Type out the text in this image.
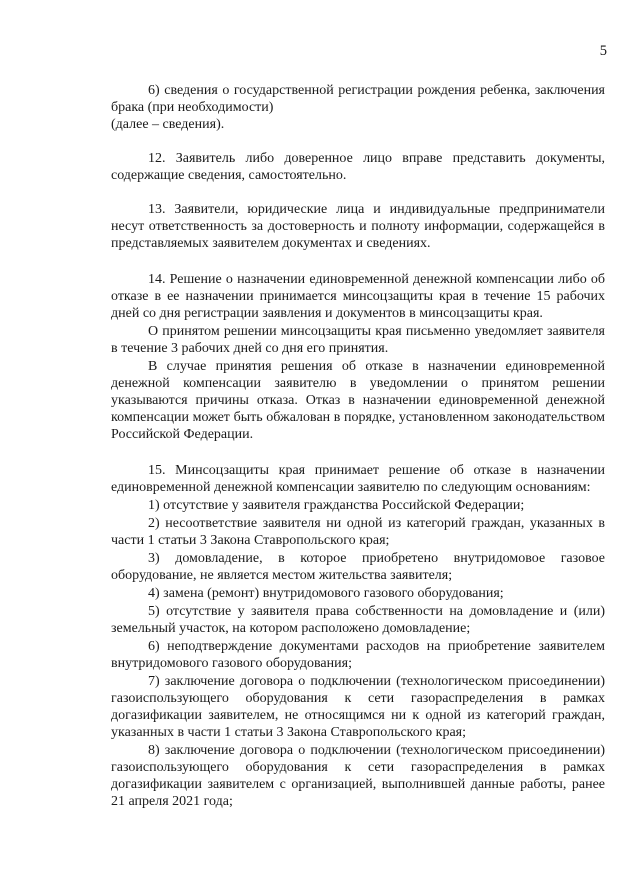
5

6) сведения о государственной регистрации рождения ребенка, заключения брака (при необходимости)

(далее – сведения).

12. Заявитель либо доверенное лицо вправе представить документы, содержащие сведения, самостоятельно.

13. Заявители, юридические лица и индивидуальные предприниматели несут ответственность за достоверность и полноту информации, содержащейся в представляемых заявителем документах и сведениях.

14. Решение о назначении единовременной денежной компенсации либо об отказе в ее назначении принимается минсоцзащиты края в течение 15 рабочих дней со дня регистрации заявления и документов в минсоцзащиты края.

О принятом решении минсоцзащиты края письменно уведомляет заявителя в течение 3 рабочих дней со дня его принятия.

В случае принятия решения об отказе в назначении единовременной денежной компенсации заявителю в уведомлении о принятом решении указываются причины отказа. Отказ в назначении единовременной денежной компенсации может быть обжалован в порядке, установленном законодательством Российской Федерации.

15. Минсоцзащиты края принимает решение об отказе в назначении единовременной денежной компенсации заявителю по следующим основаниям:

1) отсутствие у заявителя гражданства Российской Федерации;

2) несоответствие заявителя ни одной из категорий граждан, указанных в части 1 статьи 3 Закона Ставропольского края;

3) домовладение, в которое приобретено внутридомовое газовое оборудование, не является местом жительства заявителя;

4) замена (ремонт) внутридомового газового оборудования;

5) отсутствие у заявителя права собственности на домовладение и (или) земельный участок, на котором расположено домовладение;

6) неподтверждение документами расходов на приобретение заявителем внутридомового газового оборудования;

7) заключение договора о подключении (технологическом присоединении) газоиспользующего оборудования к сети газораспределения в рамках догазификации заявителем, не относящимся ни к одной из категорий граждан, указанных в части 1 статьи 3 Закона Ставропольского края;

8) заключение договора о подключении (технологическом присоединении) газоиспользующего оборудования к сети газораспределения в рамках догазификации заявителем с организацией, выполнившей данные работы, ранее 21 апреля 2021 года;
